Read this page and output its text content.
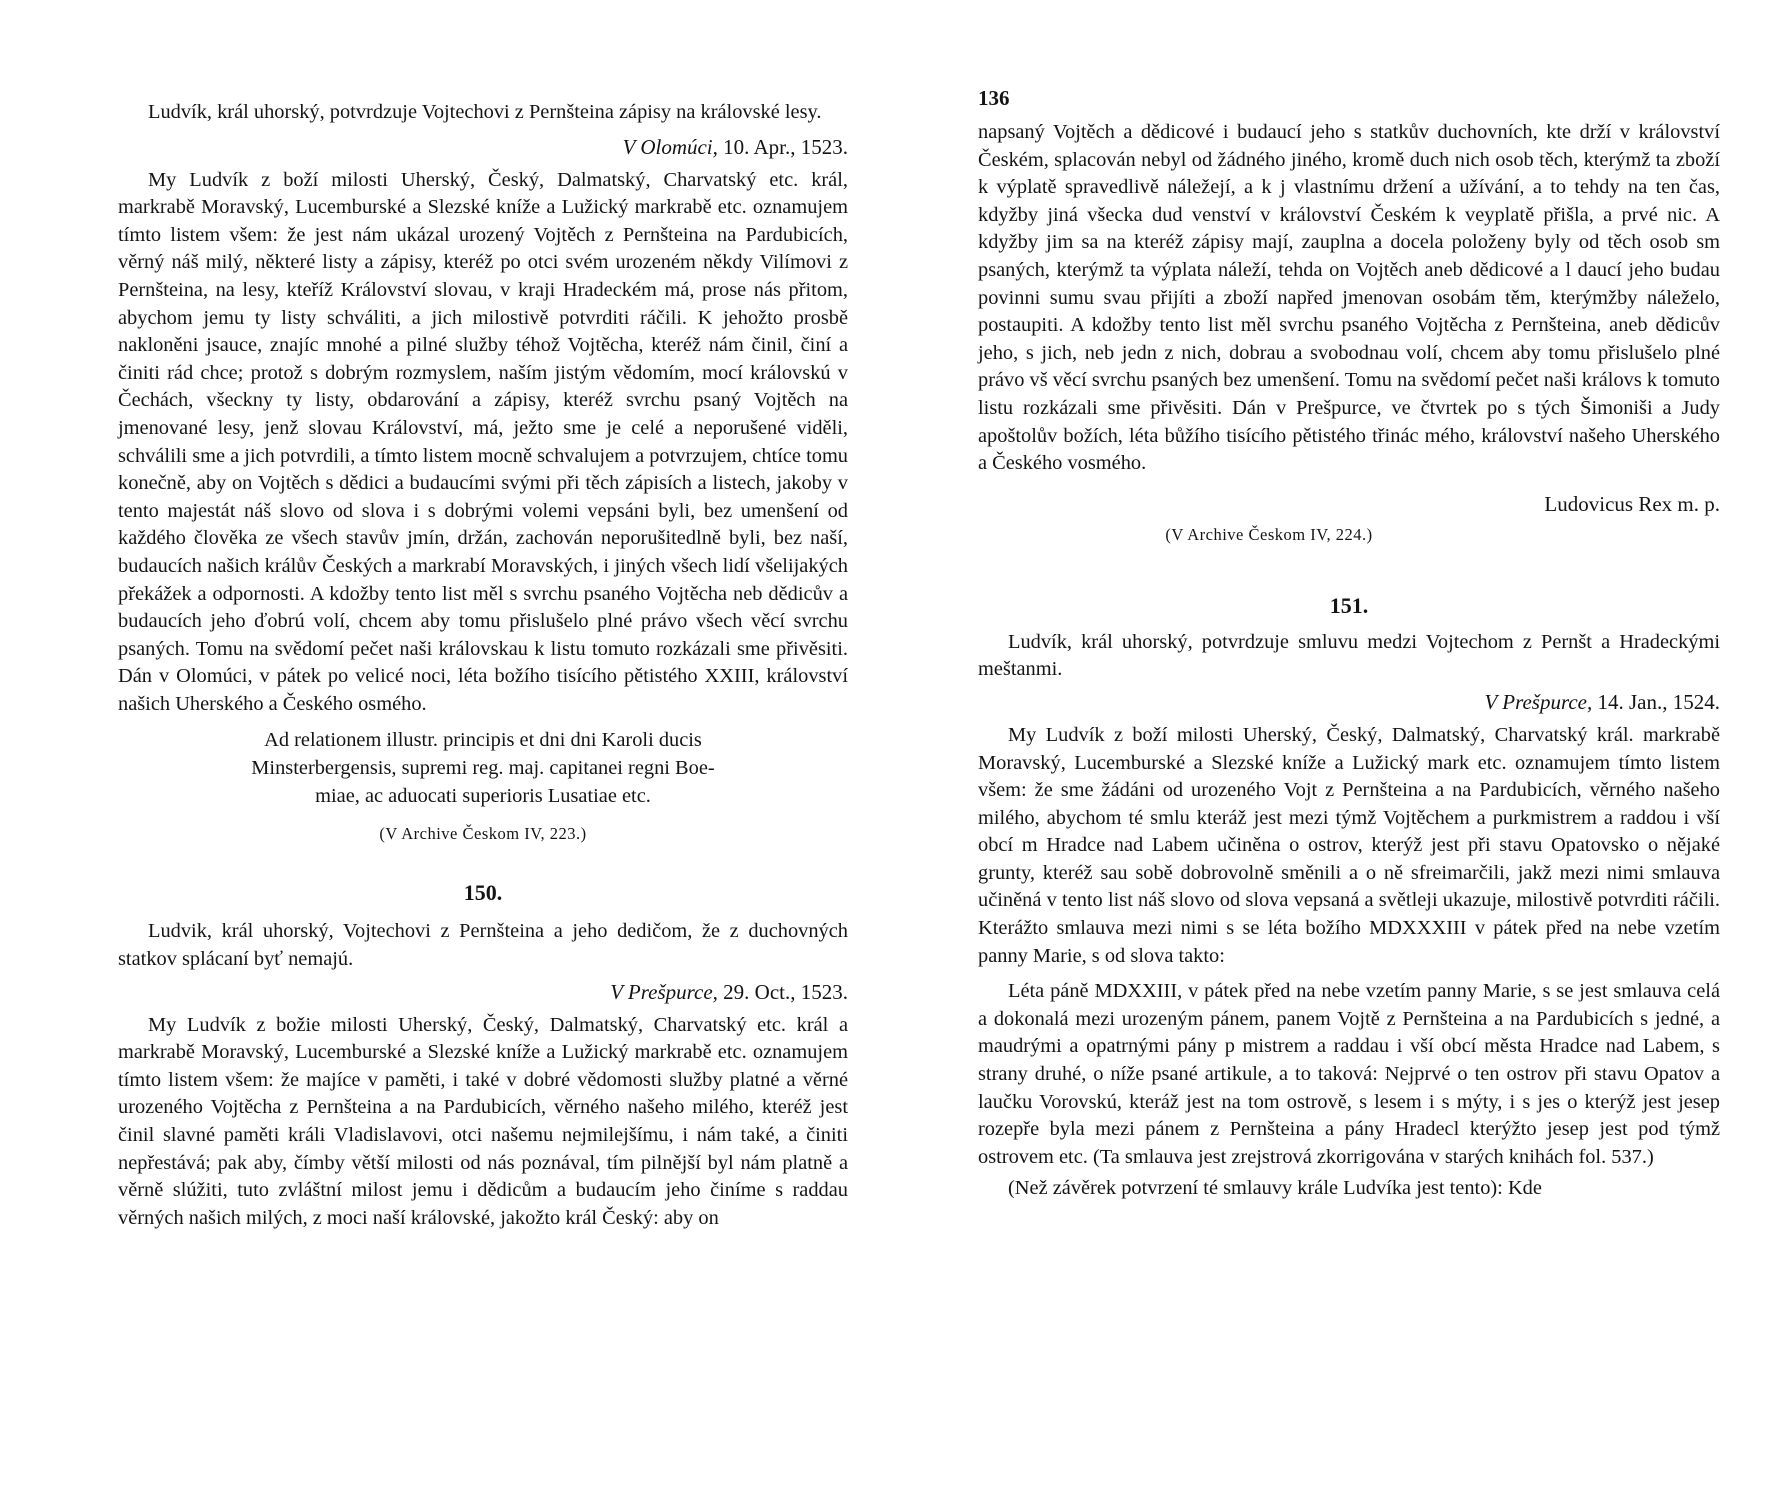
Ludvík, král uhorský, potvrdzuje Vojtechovi z Pernšteina zápisy na královské lesy.

V Olomúci, 10. Apr., 1523.

My Ludvík z boží milosti Uherský, Český, Dalmatský, Charvatský etc. král, markrabě Moravský, Lucemburské a Slezské kníže a Lužický markrabě etc. oznamujem tímto listem všem: že jest nám ukázal urozený Vojtěch z Pernšteina na Pardubicích, věrný náš milý, některé listy a zápisy, kteréž po otci svém urozeném někdy Vilímovi z Pernšteina, na lesy, kteříž Království slovau, v kraji Hradeckém má, prose nás přitom, abychom jemu ty listy schváliti, a jich milostivě potvrditi ráčili. K jehožto prosbě nakloněni jsauce, znajíc mnohé a pilné služby téhož Vojtěcha, kteréž nám činil, činí a činiti rád chce; protož s dobrým rozmyslem, naším jistým vědomím, mocí královskú v Čechách, všeckny ty listy, obdarování a zápisy, kteréž svrchu psaný Vojtěch na jmenované lesy, jenž slovau Království, má, ježto sme je celé a neporušené viděli, schválili sme a jich potvrdili, a tímto listem mocně schvalujem a potvrzujem, chtíce tomu konečně, aby on Vojtěch s dědici a budaucími svými při těch zápisích a listech, jakoby v tento majestát náš slovo od slova i s dobrými volemi vepsáni byli, bez umenšení od každého člověka ze všech stavův jmín, držán, zachován neporušitedlně byli, bez naší, budaucích našich králův Českých a markrabí Moravských, i jiných všech lidí všelijakých překážek a odpornosti. A kdožby tento list měl s svrchu psaného Vojtěcha neb dědicův a budaucích jeho ďobrú volí, chcem aby tomu přislušelo plné právo všech věcí svrchu psaných. Tomu na svědomí pečet naši královskau k listu tomuto rozkázali sme přivěsiti. Dán v Olomúci, v pátek po velicé noci, léta božího tisícího pětistého XXIII, království našich Uherského a Českého osmého.

Ad relationem illustr. principis et dni dni Karoli ducis

Minsterbergensis, supremi reg. maj. capitanei regni Boe-

miae, ac aduocati superioris Lusatiae etc.

(V Archive Českom IV, 223.)

150.

Ludvik, král uhorský, Vojtechovi z Pernšteina a jeho dedičom, že z duchovných statkov splácaní byť nemajú.

V Prešpurce, 29. Oct., 1523.

My Ludvík z božie milosti Uherský, Český, Dalmatský, Charvatský etc. král a markrabě Moravský, Lucemburské a Slezské kníže a Lužický markrabě etc. oznamujem tímto listem všem: že majíce v paměti, i také v dobré vědomosti služby platné a věrné urozeného Vojtěcha z Pernšteina a na Pardubicích, věrného našeho milého, kteréž jest činil slavné paměti králi Vladislavovi, otci našemu nejmilejšímu, i nám také, a činiti nepřestává; pak aby, čímby větší milosti od nás poznával, tím pilnější byl nám platně a věrně slúžiti, tuto zvláštní milost jemu i dědicům a budaucím jeho činíme s raddau věrných našich milých, z moci naší královské, jakožto král Český: aby on

136

napsaný Vojtěch a dědicové i budaucí jeho s statkův duchovních, kte drží v království Českém, splacován nebyl od žádného jiného, kromě duch nich osob těch, kterýmž ta zboží k výplatě spravedlivě náležejí, a k j vlastnímu držení a užívání, a to tehdy na ten čas, kdyžby jiná všecka dud venství v království Českém k veyplatě přišla, a prvé nic. A kdyžby jim sa na kteréž zápisy mají, zauplna a docela položeny byly od těch osob sm psaných, kterýmž ta výplata náleží, tehda on Vojtěch aneb dědicové a l daucí jeho budau povinni sumu svau přijíti a zboží napřed jmenovan osobám těm, kterýmžby náleželo, postaupiti. A kdožby tento list měl svrchu psaného Vojtěcha z Pernšteina, aneb dědicův jeho, s jich, neb jedn z nich, dobrau a svobodnau volí, chcem aby tomu přislušelo plné právo vš věcí svrchu psaných bez umenšení. Tomu na svědomí pečet naši královs k tomuto listu rozkázali sme přivěsiti. Dán v Prešpurce, ve čtvrtek po s tých Šimoniši a Judy apoštolův božích, léta bůžího tisícího pětistého třinác mého, království našeho Uherského a Českého vosmého.

Ludovicus Rex m. p.

(V Archive Českom IV, 224.)

151.

Ludvík, král uhorský, potvrdzuje smluvu medzi Vojtechom z Pernšt a Hradeckými meštanmi.

V Prešpurce, 14. Jan., 1524.

My Ludvík z boží milosti Uherský, Český, Dalmatský, Charvatský král. markrabě Moravský, Lucemburské a Slezské kníže a Lužický mark etc. oznamujem tímto listem všem: že sme žádáni od urozeného Vojt z Pernšteina a na Pardubicích, věrného našeho milého, abychom té smlu kteráž jest mezi týmž Vojtěchem a purkmistrem a raddou i vší obcí m Hradce nad Labem učiněna o ostrov, kterýž jest při stavu Opatovsko o nějaké grunty, kteréž sau sobě dobrovolně směnili a o ně sfreimarčili, jakž mezi nimi smlauva učiněná v tento list náš slovo od slova vepsaná a světleji ukazuje, milostivě potvrditi ráčili. Kterážto smlauva mezi nimi s se léta božího MDXXXIII v pátek před na nebe vzetím panny Marie, s od slova takto:

Léta páně MDXXIII, v pátek před na nebe vzetím panny Marie, s se jest smlauva celá a dokonalá mezi urozeným pánem, panem Vojtě z Pernšteina a na Pardubicích s jedné, a maudrými a opatrnými pány p mistrem a raddau i vší obcí města Hradce nad Labem, s strany druhé, o níže psané artikule, a to taková: Nejprvé o ten ostrov při stavu Opatov a laučku Vorovskú, kteráž jest na tom ostrově, s lesem i s mýty, i s jes o kterýž jest jesep rozepře byla mezi pánem z Pernšteina a pány Hradecl kterýžto jesep jest pod týmž ostrovem etc. (Ta smlauva jest zrejstrová zkorrigována v starých knihách fol. 537.)

(Než závěrek potvrzení té smlauvy krále Ludvíka jest tento): Kde
